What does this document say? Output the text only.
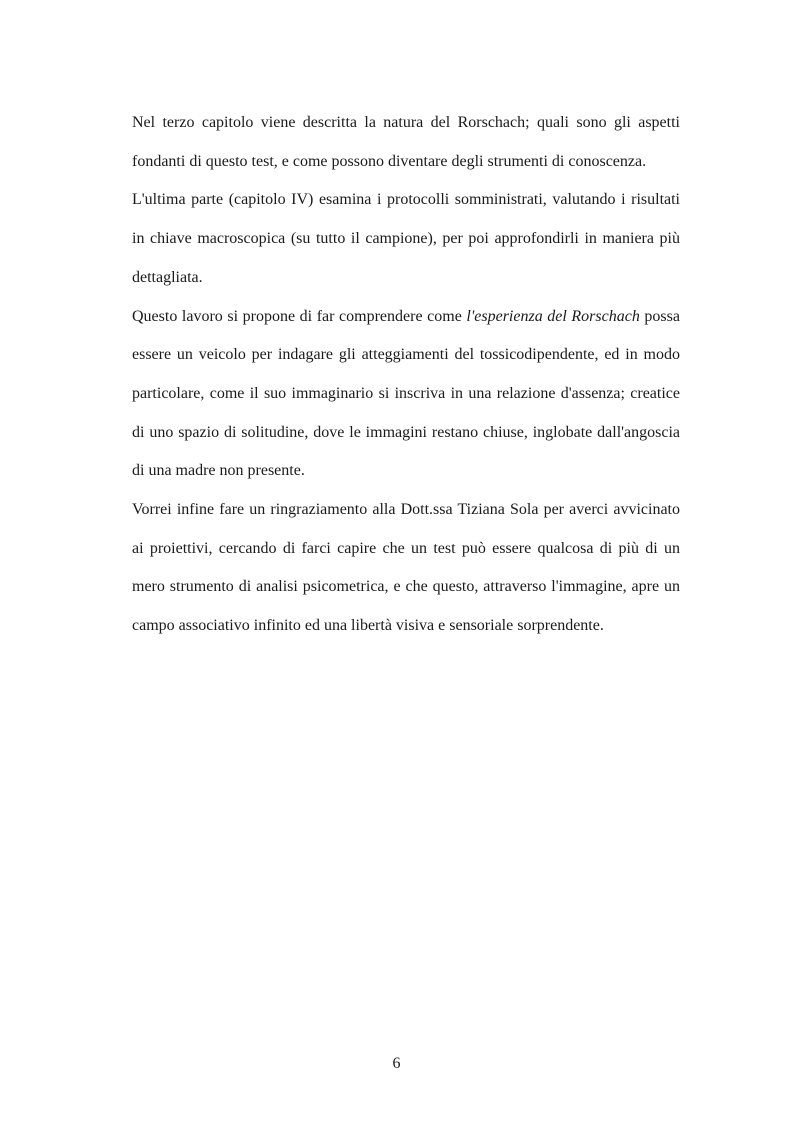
Nel terzo capitolo viene descritta la natura del Rorschach; quali sono gli aspetti fondanti di questo test, e come possono diventare degli strumenti di conoscenza.

L'ultima parte (capitolo IV) esamina i protocolli somministrati, valutando i risultati in chiave macroscopica (su tutto il campione), per poi approfondirli in maniera più dettagliata.

Questo lavoro si propone di far comprendere come l'esperienza del Rorschach possa essere un veicolo per indagare gli atteggiamenti del tossicodipendente, ed in modo particolare, come il suo immaginario si inscriva in una relazione d'assenza; creatice di uno spazio di solitudine, dove le immagini restano chiuse, inglobate dall'angoscia di una madre non presente.

Vorrei infine fare un ringraziamento alla Dott.ssa Tiziana Sola per averci avvicinato ai proiettivi, cercando di farci capire che un test può essere qualcosa di più di un mero strumento di analisi psicometrica, e che questo, attraverso l'immagine, apre un campo associativo infinito ed una libertà visiva e sensoriale sorprendente.

6
